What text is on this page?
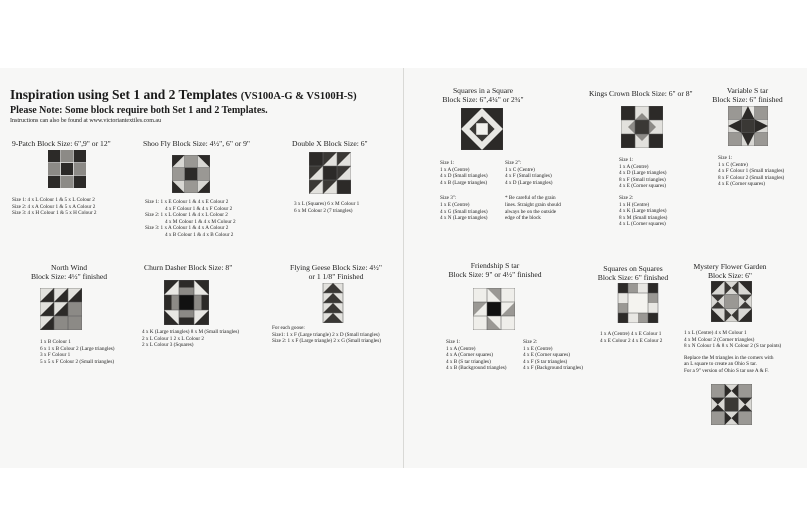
Inspiration using Set 1 and 2 Templates (VS100A-G & VS100H-S)
Please Note: Some block require both Set 1 and 2 Templates.
Instructions can also be found at www.victoriantextiles.com.au
9-Patch Block Size: 6",9" or 12"
Size 1: 4 x L Colour 1 & 5 x L Colour 2
Size 2: 4 x A Colour 1 & 5 x A Colour 2
Size 3: 4 x H Colour 1 & 5 x H Colour 2
Shoo Fly Block Size: 4½", 6" or 9"
Size 1: 1 x E Colour 1 & 4 x E Colour 2
4 x F Colour 1 & 4 x F Colour 2
Size 2: 1 x L Colour 1 & 4 x L Colour 2
4 x M Colour 1 & 4 x M Colour 2
Size 3: 1 x A Colour 1 & 4 x A Colour 2
4 x B Colour 1 & 4 x B Colour 2
Double X Block Size: 6"
3 x L (Squares) 6 x M Colour 1
6 x M Colour 2 (7 triangles)
North Wind
Block Size: 4½" finished
1 x B Colour 1
6 x 1 x B Colour 2 (Large triangles)
3 x F Colour 1
5 x 5 x F Colour 2 (Small triangles)
Churn Dasher Block Size: 8"
4 x K (Large triangles) 8 x M (Small triangles)
2 x L Colour 1 2 x L Colour 2
2 x L Colour 3 (Squares)
Flying Geese Block Size: 4½"
or 1 1/8" Finished
For each goose:
Size1: 1 x F (Large triangle) 2 x D (Small triangles)
Size 2: 1 x F (Large triangle) 2 x G (Small triangles)
Squares in a Square
Block Size: 6",4¼" or 2¾"
Size 1:
1 x A (Centre)
4 x D (Small triangles)
4 x B (Large triangles)
Size 3":
1 x E (Centre)
4 x G (Small triangles)
4 x N (Large triangles)
Size 2":
1 x C (Centre)
4 x F (Small triangles)
4 x D (Large triangles)
* Be careful of the grain
lines. Straight grain should
always be on the outside
edge of the block
Kings Crown Block Size: 6" or 8"
Size 1:
1 x A (Centre)
4 x D (Large triangles)
8 x F (Small triangles)
4 x E (Corner squares)
Size 2:
1 x H (Centre)
4 x K (Large triangles)
8 x M (Small triangles)
4 x L (Corner squares)
Variable S tar
Block Size: 6" finished
Size 1:
1 x C (Centre)
4 x F Colour 1 (Small triangles)
8 x F Colour 2 (Small triangles)
4 x E (Corner squares)
Friendship S tar
Block Size: 9" or 4½" finished
Size 1:
1 x A (Centre)
4 x A (Corner squares)
4 x B (S tar triangles)
4 x B (Background triangles)
Size 2:
1 x E (Centre)
4 x E (Corner squares)
4 x F (S tar triangles)
4 x F (Background triangles)
Squares on Squares
Block Size: 6" finished
1 x A (Centre) 4 x E Colour 1
4 x E Colour 2 4 x E Colour 2
Mystery Flower Garden
Block Size: 6"
1 x L (Centre) 4 x M Colour 1
4 x M Colour 2 (Corner triangles)
8 x N Colour 1 & 8 x N Colour 2 (S tar points)
Replace the M triangles in the corners with
an L square to create an Ohio S tar.
For a 9" version of Ohio S tar use A & F.
